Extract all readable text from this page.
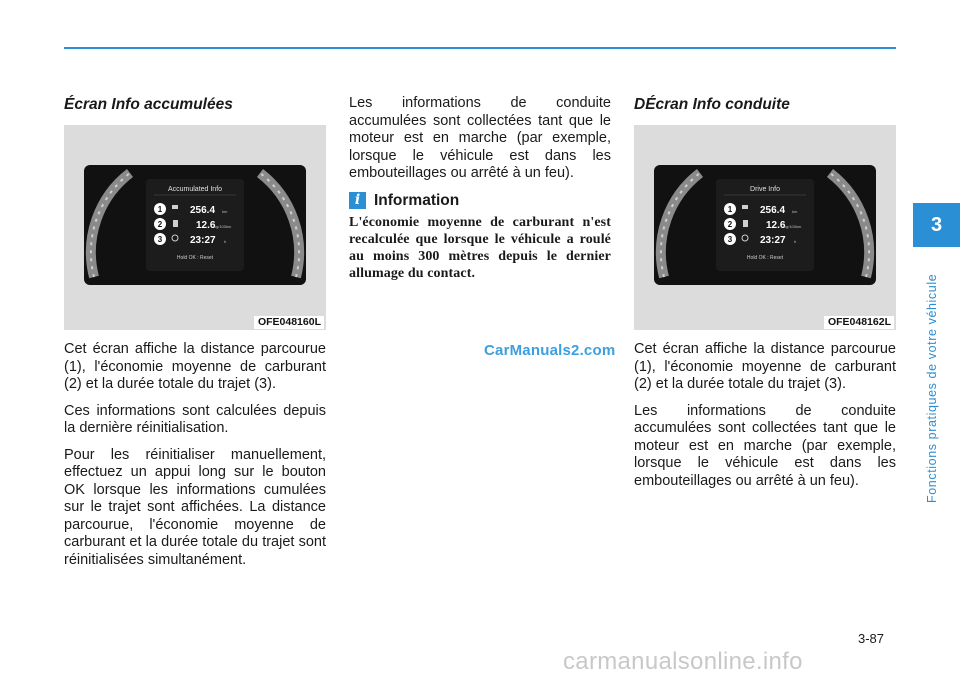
Écran Info accumulées
Accumulated Info
1
2
3
256.4 km
12.6
kg/100km
23:27 h
Hold OK : Reset
OFE048160L

Cet écran affiche la distance parcourue (1), l'économie moyenne de carburant (2) et la durée totale du trajet (3).

Ces informations sont calculées depuis la dernière réinitialisation.

Pour les réinitialiser manuellement, effectuez un appui long sur le bouton OK lorsque les informations cumulées sur le trajet sont affichées. La distance parcourue, l'économie moyenne de carburant et la durée totale du trajet sont réinitialisées simultanément.

Les informations de conduite accumulées sont collectées tant que le moteur est en marche (par exemple, lorsque le véhicule est dans les embouteillages ou arrêté à un feu).

i Information

L'économie moyenne de carburant n'est recalculée que lorsque le véhicule a roulé au moins 300 mètres depuis le dernier allumage du contact.

DÉcran Info conduite
Drive Info
1
2
3
256.4 km
12.6
kg/100km
23:27 h
Hold OK : Reset
OFE048162L

Cet écran affiche la distance parcourue (1), l'économie moyenne de carburant (2) et la durée totale du trajet (3).

Les informations de conduite accumulées sont collectées tant que le moteur est en marche (par exemple, lorsque le véhicule est dans les embouteillages ou arrêté à un feu).

CarManuals2.com
3
Fonctions pratiques de votre véhicule
3-87
carmanualsonline.info
